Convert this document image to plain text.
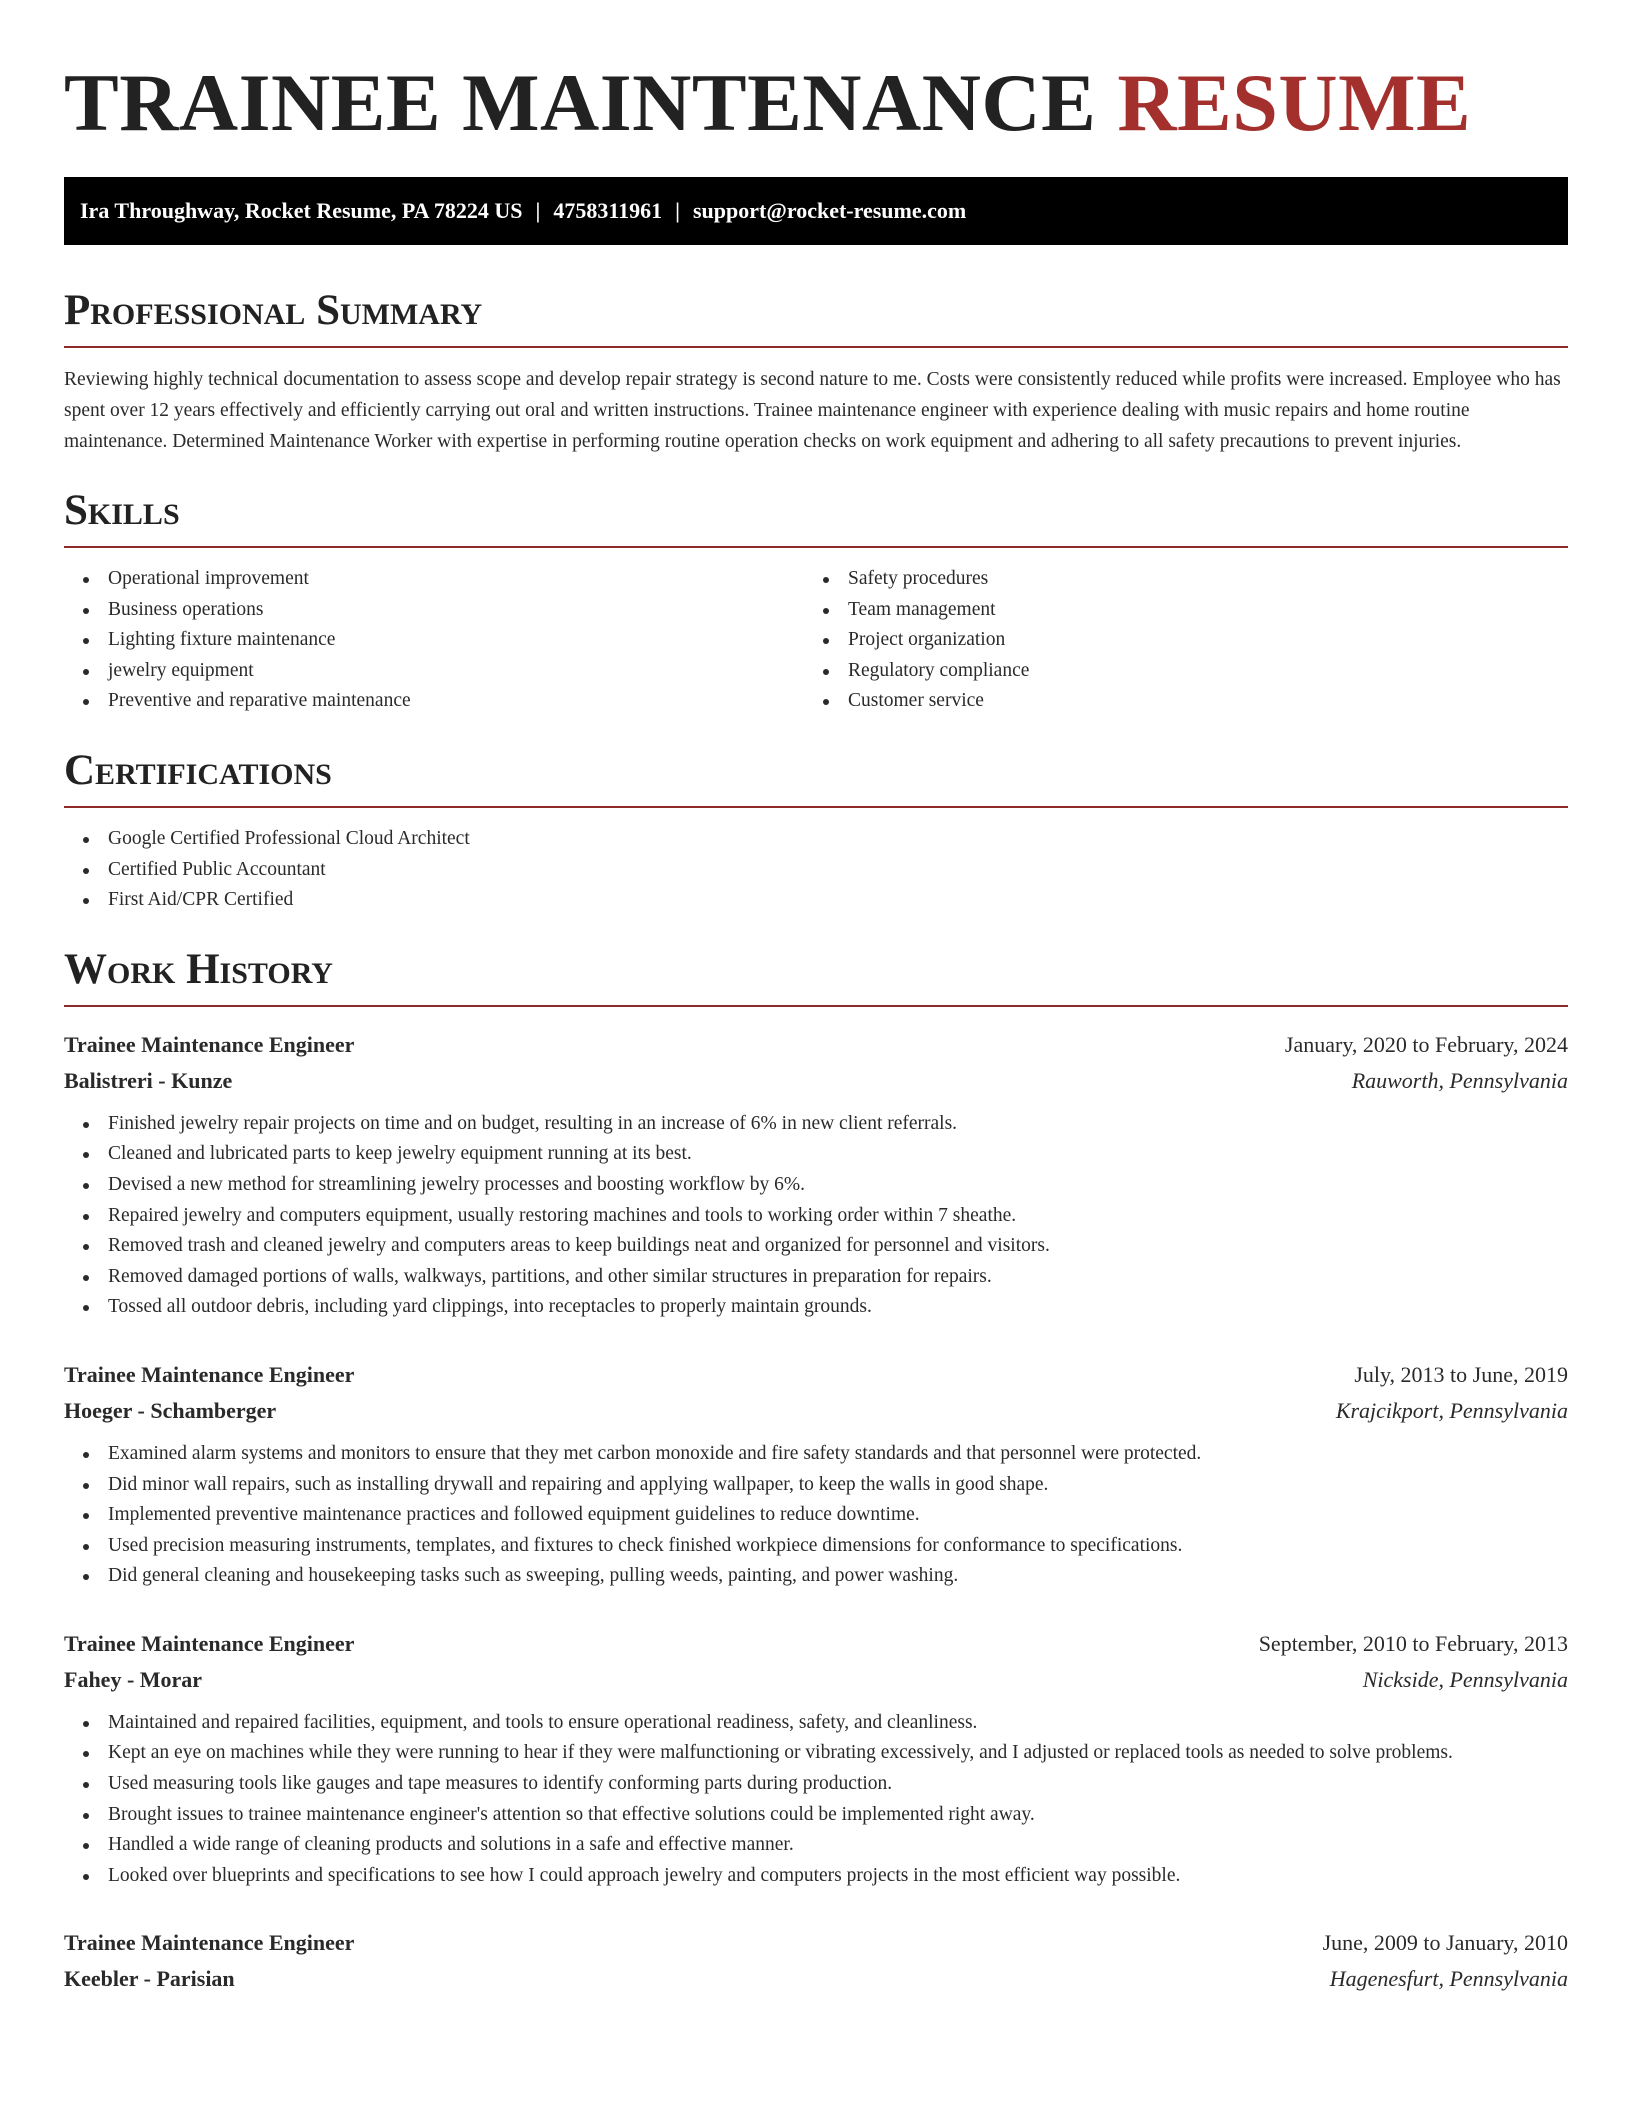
TRAINEE MAINTENANCE RESUME
Ira Throughway, Rocket Resume, PA 78224 US | 4758311961 | support@rocket-resume.com
Professional Summary

Reviewing highly technical documentation to assess scope and develop repair strategy is second nature to me. Costs were consistently reduced while profits were increased. Employee who has spent over 12 years effectively and efficiently carrying out oral and written instructions. Trainee maintenance engineer with experience dealing with music repairs and home routine maintenance. Determined Maintenance Worker with expertise in performing routine operation checks on work equipment and adhering to all safety precautions to prevent injuries.

Skills
Operational improvement
Business operations
Lighting fixture maintenance
jewelry equipment
Preventive and reparative maintenance
Safety procedures
Team management
Project organization
Regulatory compliance
Customer service
Certifications
Google Certified Professional Cloud Architect
Certified Public Accountant
First Aid/CPR Certified
Work History
Trainee Maintenance Engineer	January, 2020 to February, 2024
Balistreri - Kunze	Rauworth, Pennsylvania
Finished jewelry repair projects on time and on budget, resulting in an increase of 6% in new client referrals.
Cleaned and lubricated parts to keep jewelry equipment running at its best.
Devised a new method for streamlining jewelry processes and boosting workflow by 6%.
Repaired jewelry and computers equipment, usually restoring machines and tools to working order within 7 sheathe.
Removed trash and cleaned jewelry and computers areas to keep buildings neat and organized for personnel and visitors.
Removed damaged portions of walls, walkways, partitions, and other similar structures in preparation for repairs.
Tossed all outdoor debris, including yard clippings, into receptacles to properly maintain grounds.
Trainee Maintenance Engineer	July, 2013 to June, 2019
Hoeger - Schamberger	Krajcikport, Pennsylvania
Examined alarm systems and monitors to ensure that they met carbon monoxide and fire safety standards and that personnel were protected.
Did minor wall repairs, such as installing drywall and repairing and applying wallpaper, to keep the walls in good shape.
Implemented preventive maintenance practices and followed equipment guidelines to reduce downtime.
Used precision measuring instruments, templates, and fixtures to check finished workpiece dimensions for conformance to specifications.
Did general cleaning and housekeeping tasks such as sweeping, pulling weeds, painting, and power washing.
Trainee Maintenance Engineer	September, 2010 to February, 2013
Fahey - Morar	Nickside, Pennsylvania
Maintained and repaired facilities, equipment, and tools to ensure operational readiness, safety, and cleanliness.
Kept an eye on machines while they were running to hear if they were malfunctioning or vibrating excessively, and I adjusted or replaced tools as needed to solve problems.
Used measuring tools like gauges and tape measures to identify conforming parts during production.
Brought issues to trainee maintenance engineer's attention so that effective solutions could be implemented right away.
Handled a wide range of cleaning products and solutions in a safe and effective manner.
Looked over blueprints and specifications to see how I could approach jewelry and computers projects in the most efficient way possible.
Trainee Maintenance Engineer	June, 2009 to January, 2010
Keebler - Parisian	Hagenesfurt, Pennsylvania
